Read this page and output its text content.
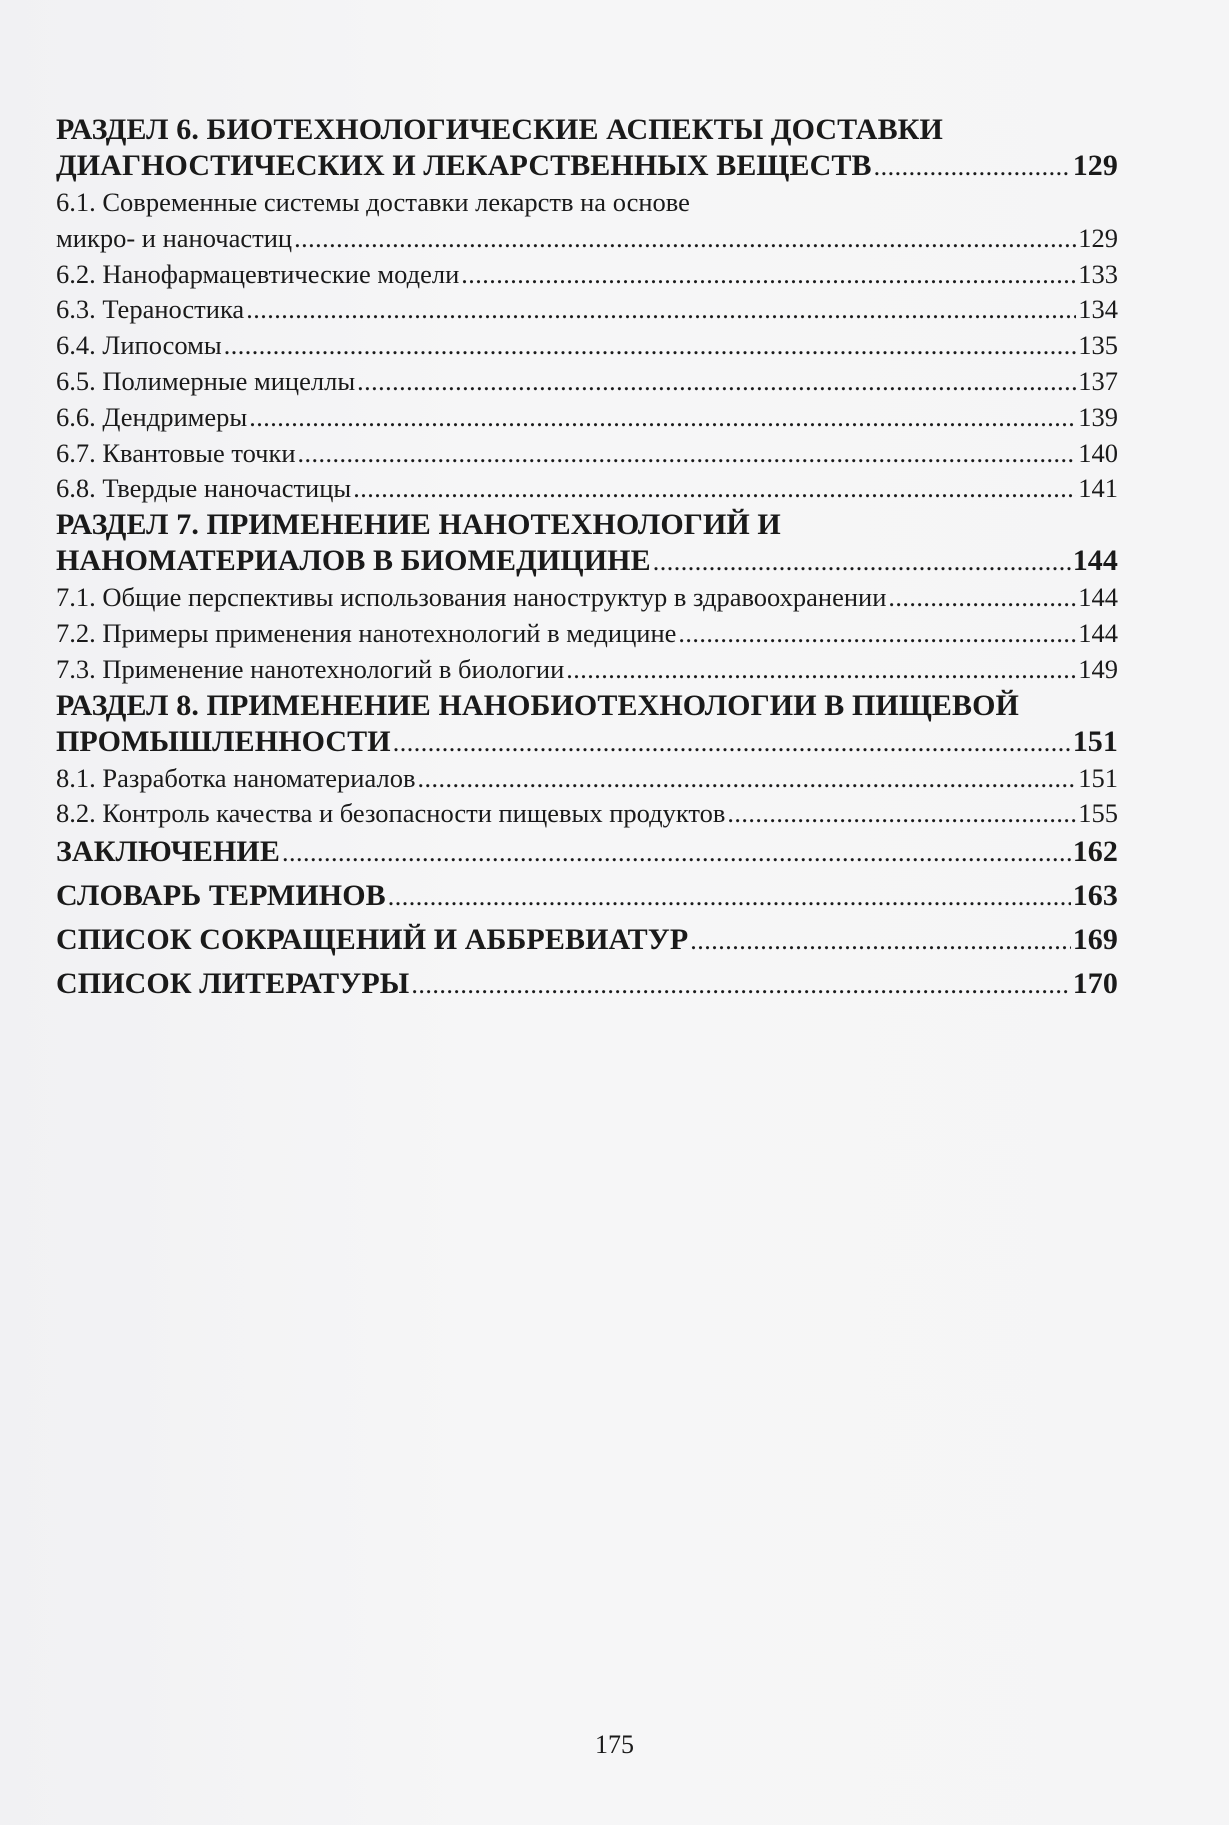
РАЗДЕЛ 6. БИОТЕХНОЛОГИЧЕСКИЕ АСПЕКТЫ ДОСТАВКИ
ДИАГНОСТИЧЕСКИХ И ЛЕКАРСТВЕННЫХ ВЕЩЕСТВ .....	129
6.1. Современные системы доставки лекарств на основе
микро- и наночастиц .....	129
6.2. Нанофармацевтические модели .....	133
6.3. Тераностика .....	134
6.4. Липосомы .....	135
6.5. Полимерные мицеллы .....	137
6.6. Дендримеры .....	139
6.7. Квантовые точки .....	140
6.8. Твердые наночастицы .....	141
РАЗДЕЛ 7. ПРИМЕНЕНИЕ НАНОТЕХНОЛОГИЙ И
НАНОМАТЕРИАЛОВ В БИОМЕДИЦИНЕ .....	144
7.1. Общие перспективы использования наноструктур в здравоохранении .....	144
7.2. Примеры применения нанотехнологий в медицине .....	144
7.3. Применение нанотехнологий в биологии .....	149
РАЗДЕЛ 8. ПРИМЕНЕНИЕ НАНОБИОТЕХНОЛОГИИ В ПИЩЕВОЙ
ПРОМЫШЛЕННОСТИ .....	151
8.1. Разработка наноматериалов .....	151
8.2. Контроль качества и безопасности пищевых продуктов .....	155
ЗАКЛЮЧЕНИЕ .....	162
СЛОВАРЬ ТЕРМИНОВ .....	163
СПИСОК СОКРАЩЕНИЙ И АББРЕВИАТУР .....	169
СПИСОК ЛИТЕРАТУРЫ .....	170
175
